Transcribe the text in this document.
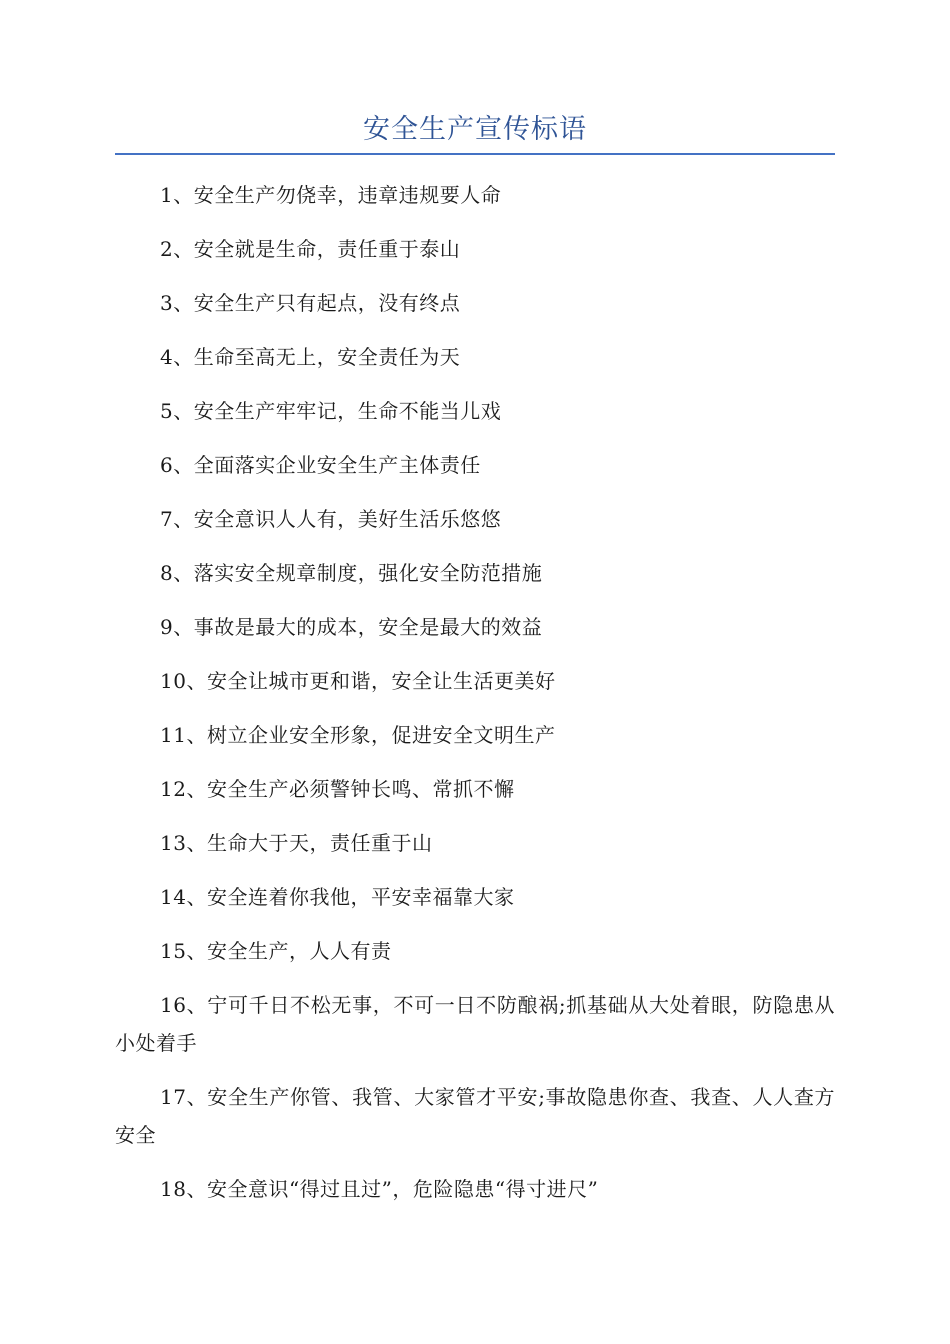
安全生产宣传标语
1、安全生产勿侥幸，违章违规要人命
2、安全就是生命，责任重于泰山
3、安全生产只有起点，没有终点
4、生命至高无上，安全责任为天
5、安全生产牢牢记，生命不能当儿戏
6、全面落实企业安全生产主体责任
7、安全意识人人有，美好生活乐悠悠
8、落实安全规章制度，强化安全防范措施
9、事故是最大的成本，安全是最大的效益
10、安全让城市更和谐，安全让生活更美好
11、树立企业安全形象，促进安全文明生产
12、安全生产必须警钟长鸣、常抓不懈
13、生命大于天，责任重于山
14、安全连着你我他，平安幸福靠大家
15、安全生产，人人有责
16、宁可千日不松无事，不可一日不防酿祸;抓基础从大处着眼，防隐患从小处着手
17、安全生产你管、我管、大家管才平安;事故隐患你查、我查、人人查方安全
18、安全意识“得过且过”，危险隐患“得寸进尺”
